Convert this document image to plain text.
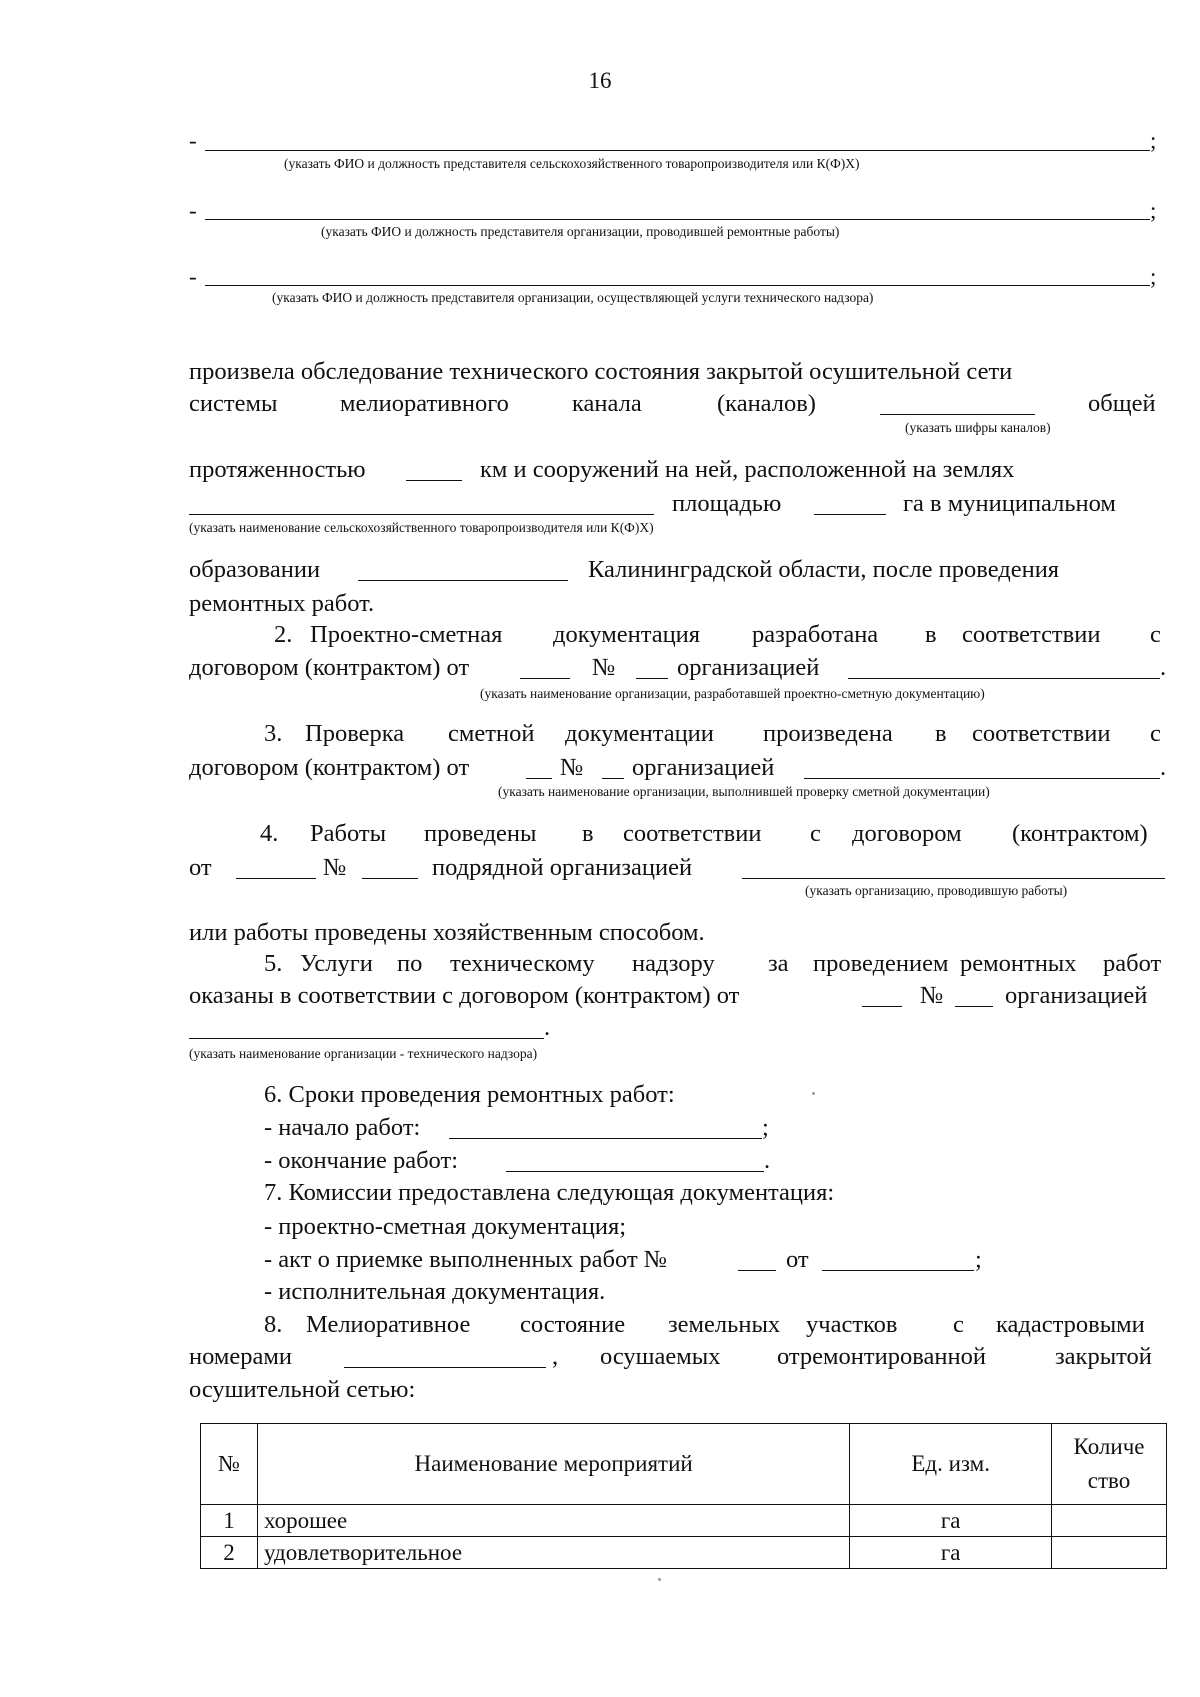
16
-	;
(указать ФИО и должность представителя сельскохозяйственного товаропроизводителя или К(Ф)Х)
-	;
(указать ФИО и должность представителя организации, проводившей ремонтные работы)
-	;
(указать ФИО и должность представителя организации, осуществляющей услуги технического надзора)
произвела обследование технического состояния закрытой осушительной сети
системы	мелиоративного	канала	(каналов)	общей
(указать шифры каналов)
протяженностью	км и сооружений на ней, расположенной на землях
площадью	га в муниципальном
(указать наименование сельскохозяйственного товаропроизводителя или К(Ф)Х)
образовании	Калининградской области, после проведения
ремонтных работ.
2. Проектно-сметная документация разработана в соответствии с
договором (контрактом) от	№	организацией	.
(указать наименование организации, разработавшей проектно-сметную документацию)
3. Проверка сметной документации произведена в соответствии с
договором (контрактом) от	№ организацией	.
(указать наименование организации, выполнившей проверку сметной документации)
4. Работы проведены в соответствии с договором (контрактом)
от	№	подрядной организацией
(указать организацию, проводившую работы)
или работы проведены хозяйственным способом.
5. Услуги по техническому надзору за проведением ремонтных работ
оказаны в соответствии с договором (контрактом) от	№	организацией
.
(указать наименование организации - технического надзора)
6. Сроки проведения ремонтных работ:
- начало работ:	;
- окончание работ:	.
7. Комиссии предоставлена следующая документация:
- проектно-сметная документация;
- акт о приемке выполненных работ №	от	;
- исполнительная документация.
8. Мелиоративное состояние земельных участков с кадастровыми
номерами	, осушаемых отремонтированной	закрытой
осушительной сетью:
№	Наименование мероприятий	Ед. изм.	Количе
ство

1	хорошее	га	
2	удовлетворительное	га	
